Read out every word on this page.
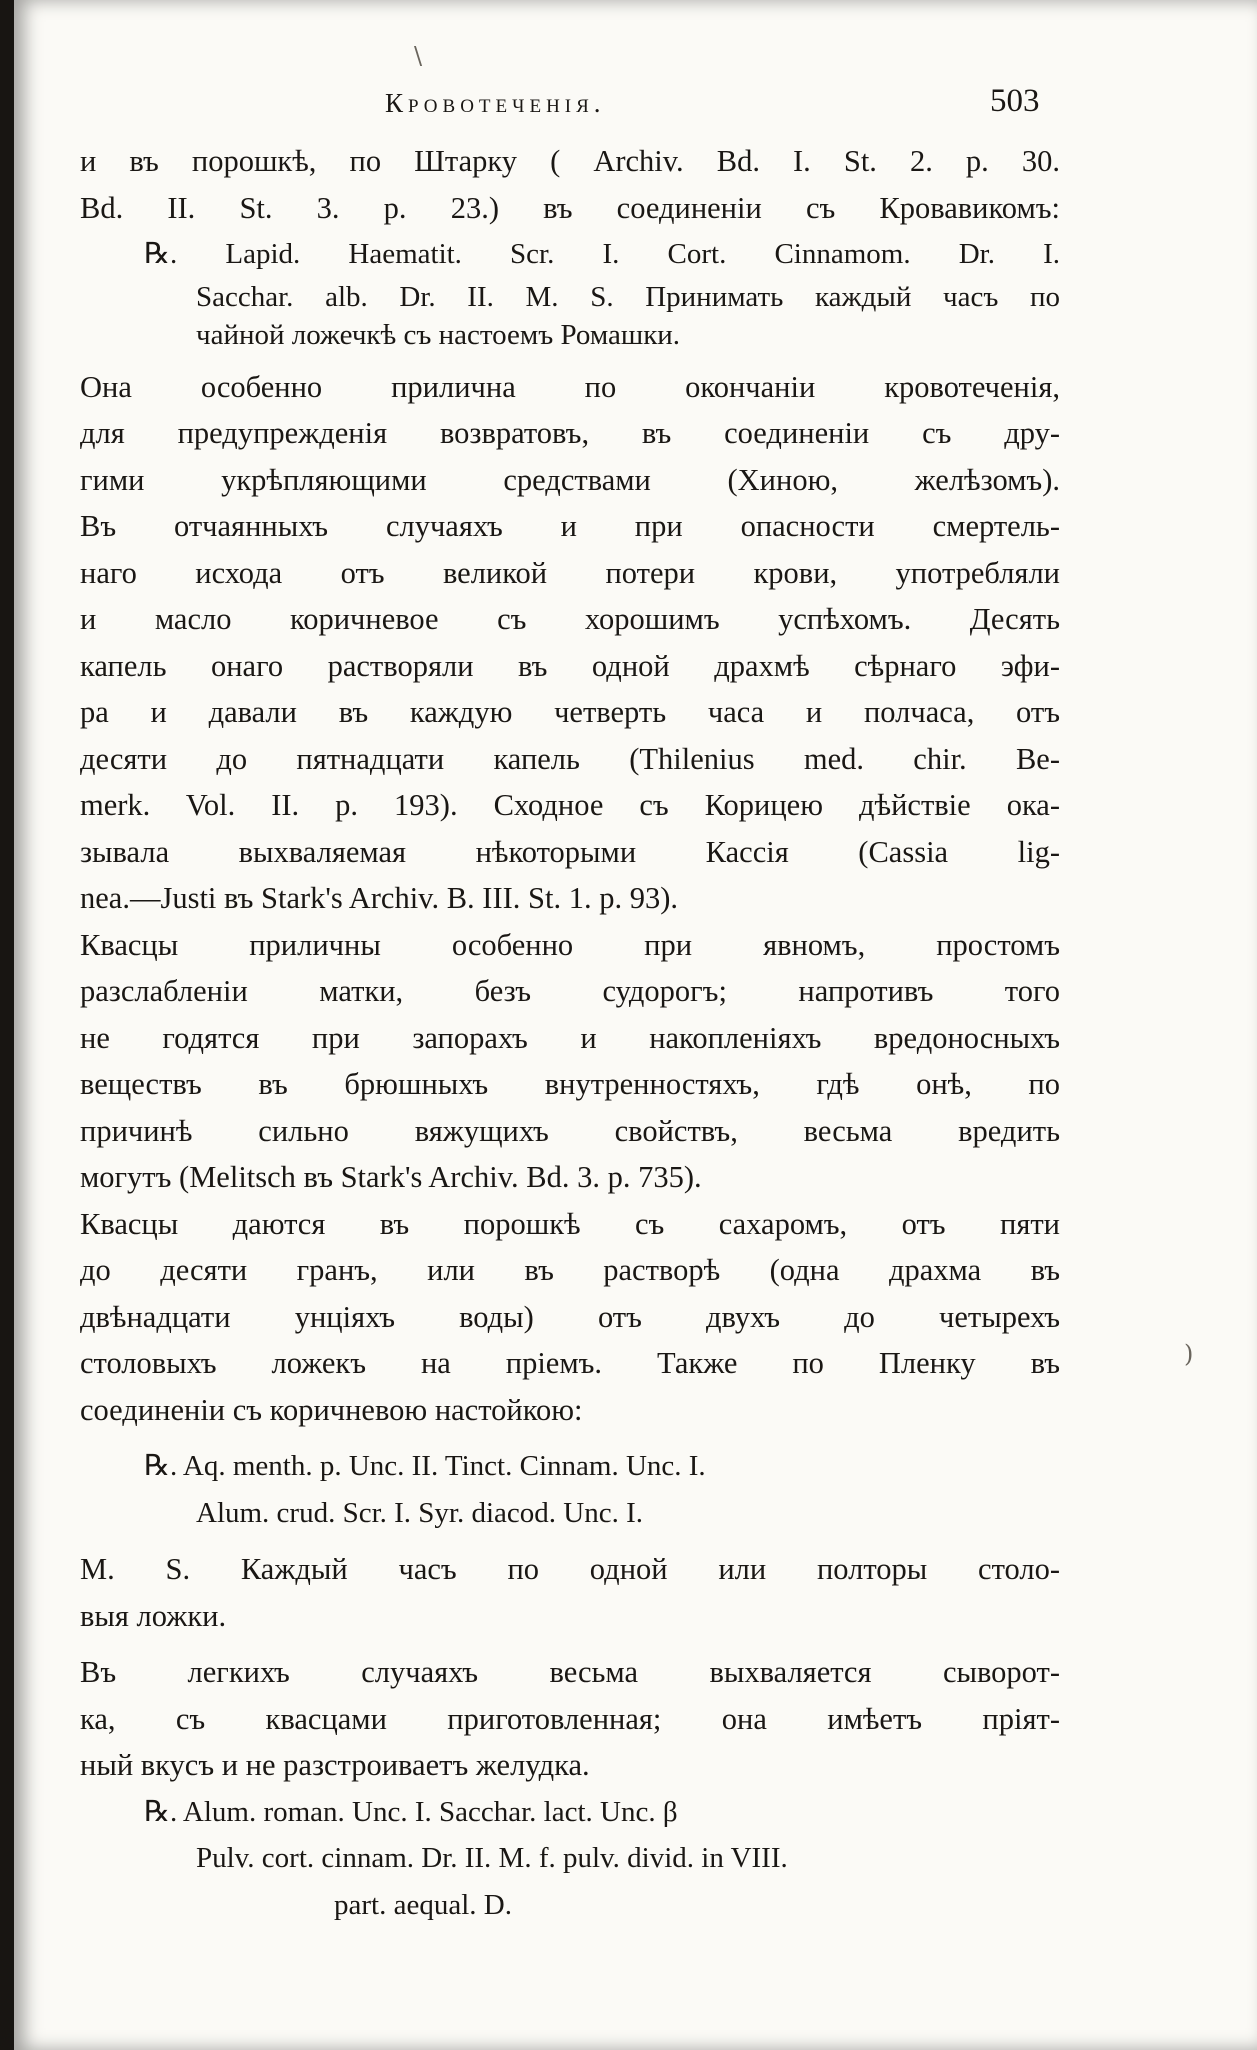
\
)
Кровотеченія.	503
и въ порошкѣ, по Штарку ( Archiv. Bd. I. St. 2. p. 30.
Bd. II. St. 3. p. 23.) въ соединеніи съ Кровавикомъ:
℞. Lapid. Haematit. Scr. I. Cort. Cinnamom. Dr. I.
Sacchar. alb. Dr. II. M. S. Принимать каждый часъ по
чайной ложечкѣ съ настоемъ Ромашки.
Она особенно прилична по окончаніи кровотеченія,
для предупрежденія возвратовъ, въ соединеніи съ дру-
гими укрѣпляющими средствами (Хиною, желѣзомъ).
Въ отчаянныхъ случаяхъ и при опасности смертель-
наго исхода отъ великой потери крови, употребляли
и масло коричневое съ хорошимъ успѣхомъ. Десять
капель онаго растворяли въ одной драхмѣ сѣрнаго эфи-
ра и давали въ каждую четверть часа и полчаса, отъ
десяти до пятнадцати капель (Thilenius med. chir. Be-
merk. Vol. II. p. 193). Сходное съ Корицею дѣйствіе ока-
зывала выхваляемая нѣкоторыми Кассія (Cassia lig-
nea.—Justi въ Stark's Archiv. B. III. St. 1. p. 93).
Квасцы приличны особенно при явномъ, простомъ
разслабленіи матки, безъ судорогъ; напротивъ того
не годятся при запорахъ и накопленіяхъ вредоносныхъ
веществъ въ брюшныхъ внутренностяхъ, гдѣ онѣ, по
причинѣ сильно вяжущихъ свойствъ, весьма вредить
могутъ (Melitsch въ Stark's Archiv. Bd. 3. p. 735).
Квасцы даются въ порошкѣ съ сахаромъ, отъ пяти
до десяти гранъ, или въ растворѣ (одна драхма въ
двѣнадцати унціяхъ воды) отъ двухъ до четырехъ
столовыхъ ложекъ на пріемъ. Также по Пленку въ
соединеніи съ коричневою настойкою:
℞. Aq. menth. p. Unc. II. Tinct. Cinnam. Unc. I.
Alum. crud. Scr. I. Syr. diacod. Unc. I.
M. S. Каждый часъ по одной или полторы столо-
выя ложки.
Въ легкихъ случаяхъ весьма выхваляется сыворот-
ка, съ квасцами приготовленная; она имѣетъ пріят-
ный вкусъ и не разстроиваетъ желудка.
℞. Alum. roman. Unc. I. Sacchar. lact. Unc. β
Pulv. cort. cinnam. Dr. II. M. f. pulv. divid. in VIII.
part. aequal. D.
